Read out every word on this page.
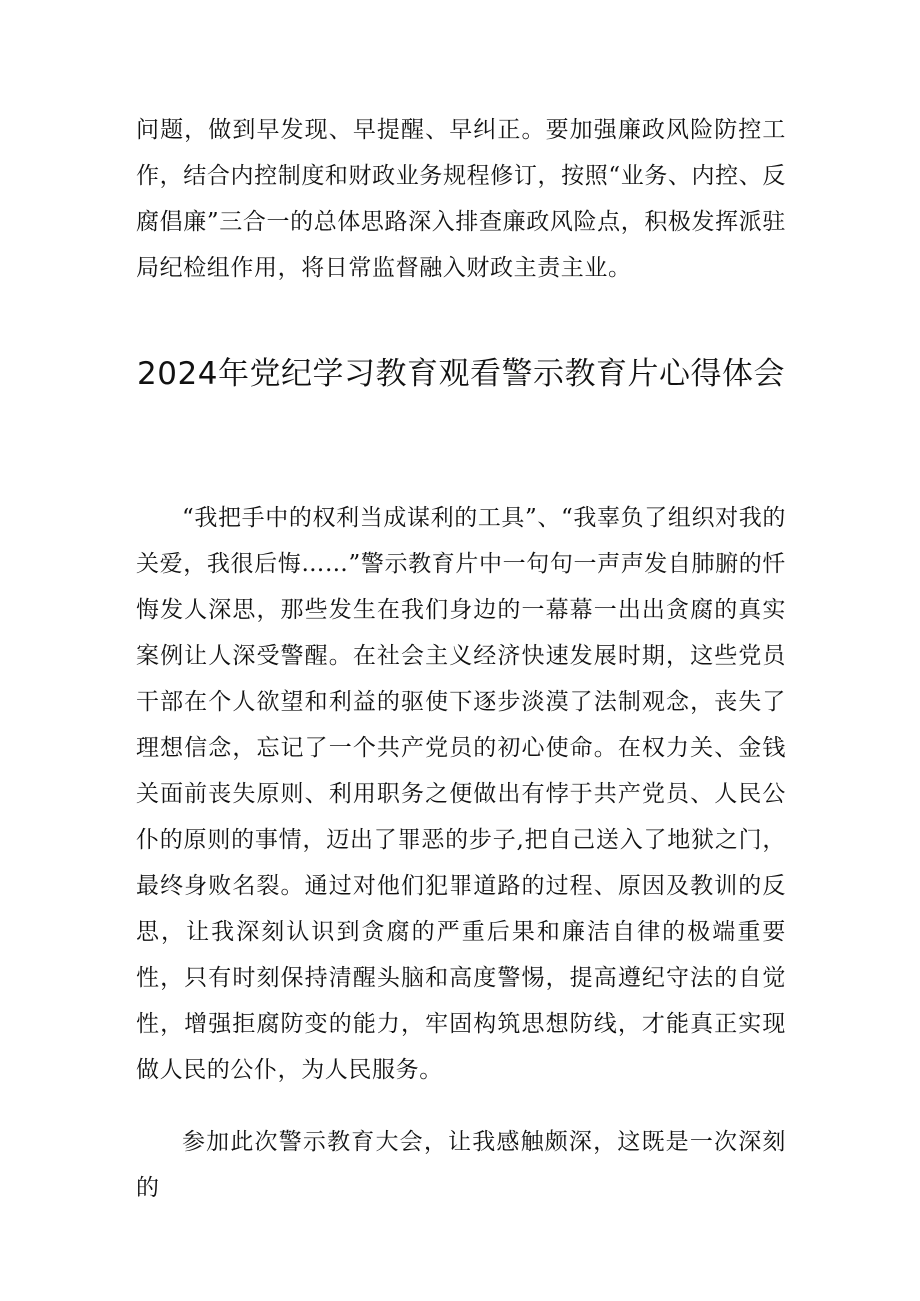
问题，做到早发现、早提醒、早纠正。要加强廉政风险防控工作，结合内控制度和财政业务规程修订，按照“业务、内控、反腐倡廉”三合一的总体思路深入排查廉政风险点，积极发挥派驻局纪检组作用，将日常监督融入财政主责主业。

2024年党纪学习教育观看警示教育片心得体会

“我把手中的权利当成谋利的工具”、“我辜负了组织对我的关爱，我很后悔……”警示教育片中一句句一声声发自肺腑的忏悔发人深思，那些发生在我们身边的一幕幕一出出贪腐的真实案例让人深受警醒。在社会主义经济快速发展时期，这些党员干部在个人欲望和利益的驱使下逐步淡漠了法制观念，丧失了理想信念，忘记了一个共产党员的初心使命。在权力关、金钱关面前丧失原则、利用职务之便做出有悖于共产党员、人民公仆的原则的事情，迈出了罪恶的步子,把自己送入了地狱之门，最终身败名裂。通过对他们犯罪道路的过程、原因及教训的反思，让我深刻认识到贪腐的严重后果和廉洁自律的极端重要性，只有时刻保持清醒头脑和高度警惕，提高遵纪守法的自觉性，增强拒腐防变的能力，牢固构筑思想防线，才能真正实现做人民的公仆，为人民服务。

参加此次警示教育大会，让我感触颇深，这既是一次深刻的
